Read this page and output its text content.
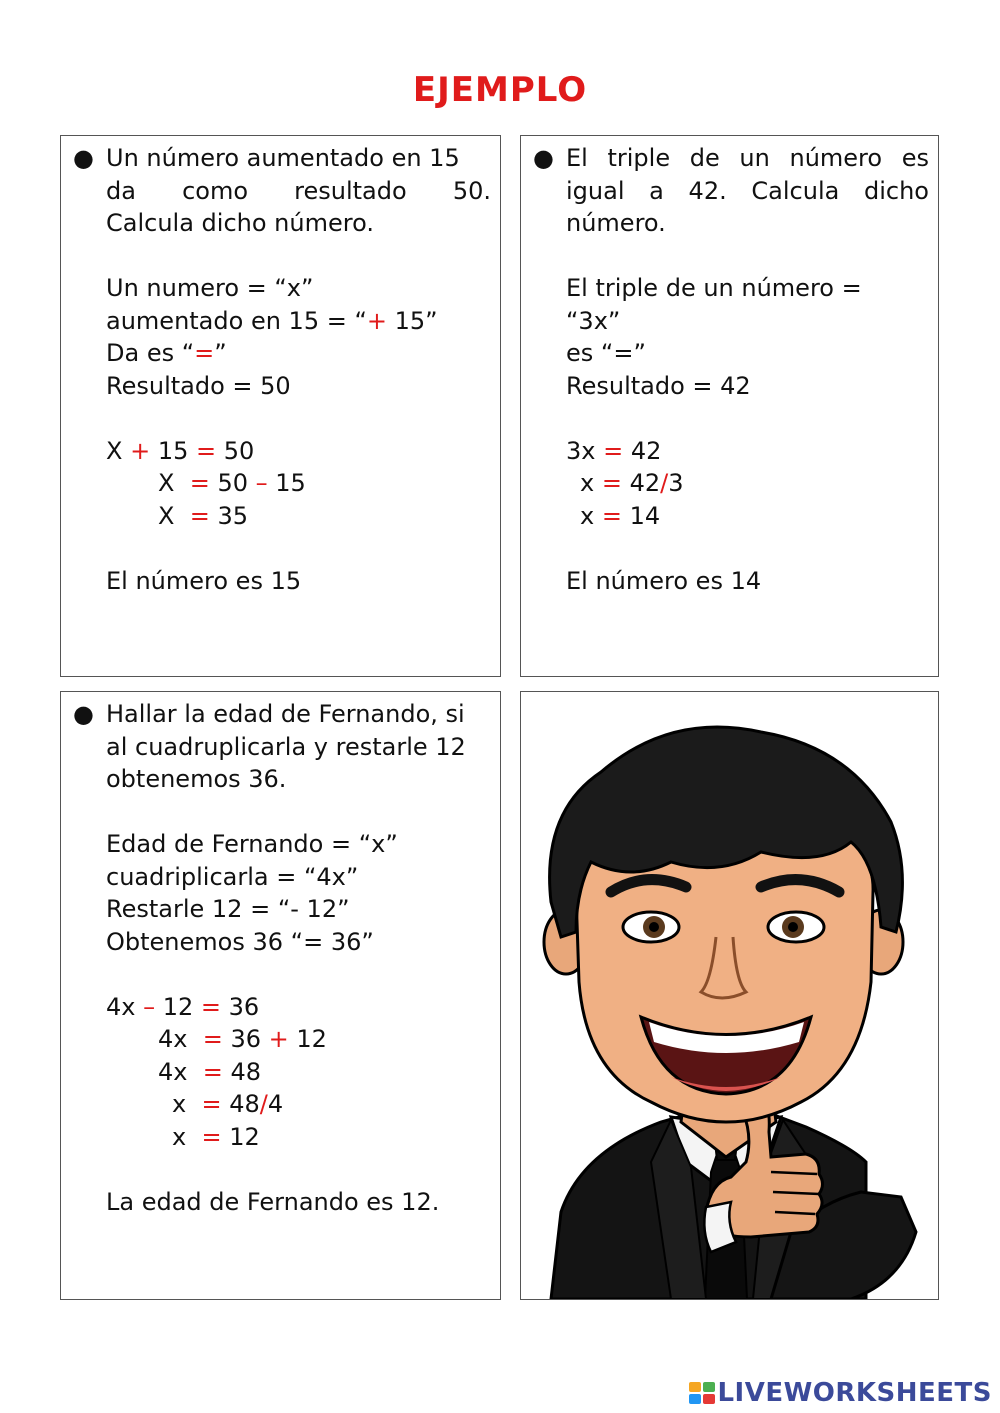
EJEMPLO
● Un número aumentado en 15
da como resultado 50.
Calcula dicho número.
Un numero = “x”
aumentado en 15 = “+ 15”
Da es “=”
Resultado = 50
X + 15 = 50
X  = 50 – 15
X  = 35
El número es 15
● El triple de un número es
igual a 42. Calcula dicho
número.
El triple de un número =
“3x”
es “=”
Resultado = 42
3x = 42
x = 42/3
x = 14
El número es 14
● Hallar la edad de Fernando, si
al cuadruplicarla y restarle 12
obtenemos 36.
Edad de Fernando = “x”
cuadriplicarla = “4x”
Restarle 12 = “- 12”
Obtenemos 36 “= 36”
4x – 12 = 36
4x  = 36 + 12
4x  = 48
x  = 48/4
x  = 12
La edad de Fernando es 12.
LIVEWORKSHEETS
